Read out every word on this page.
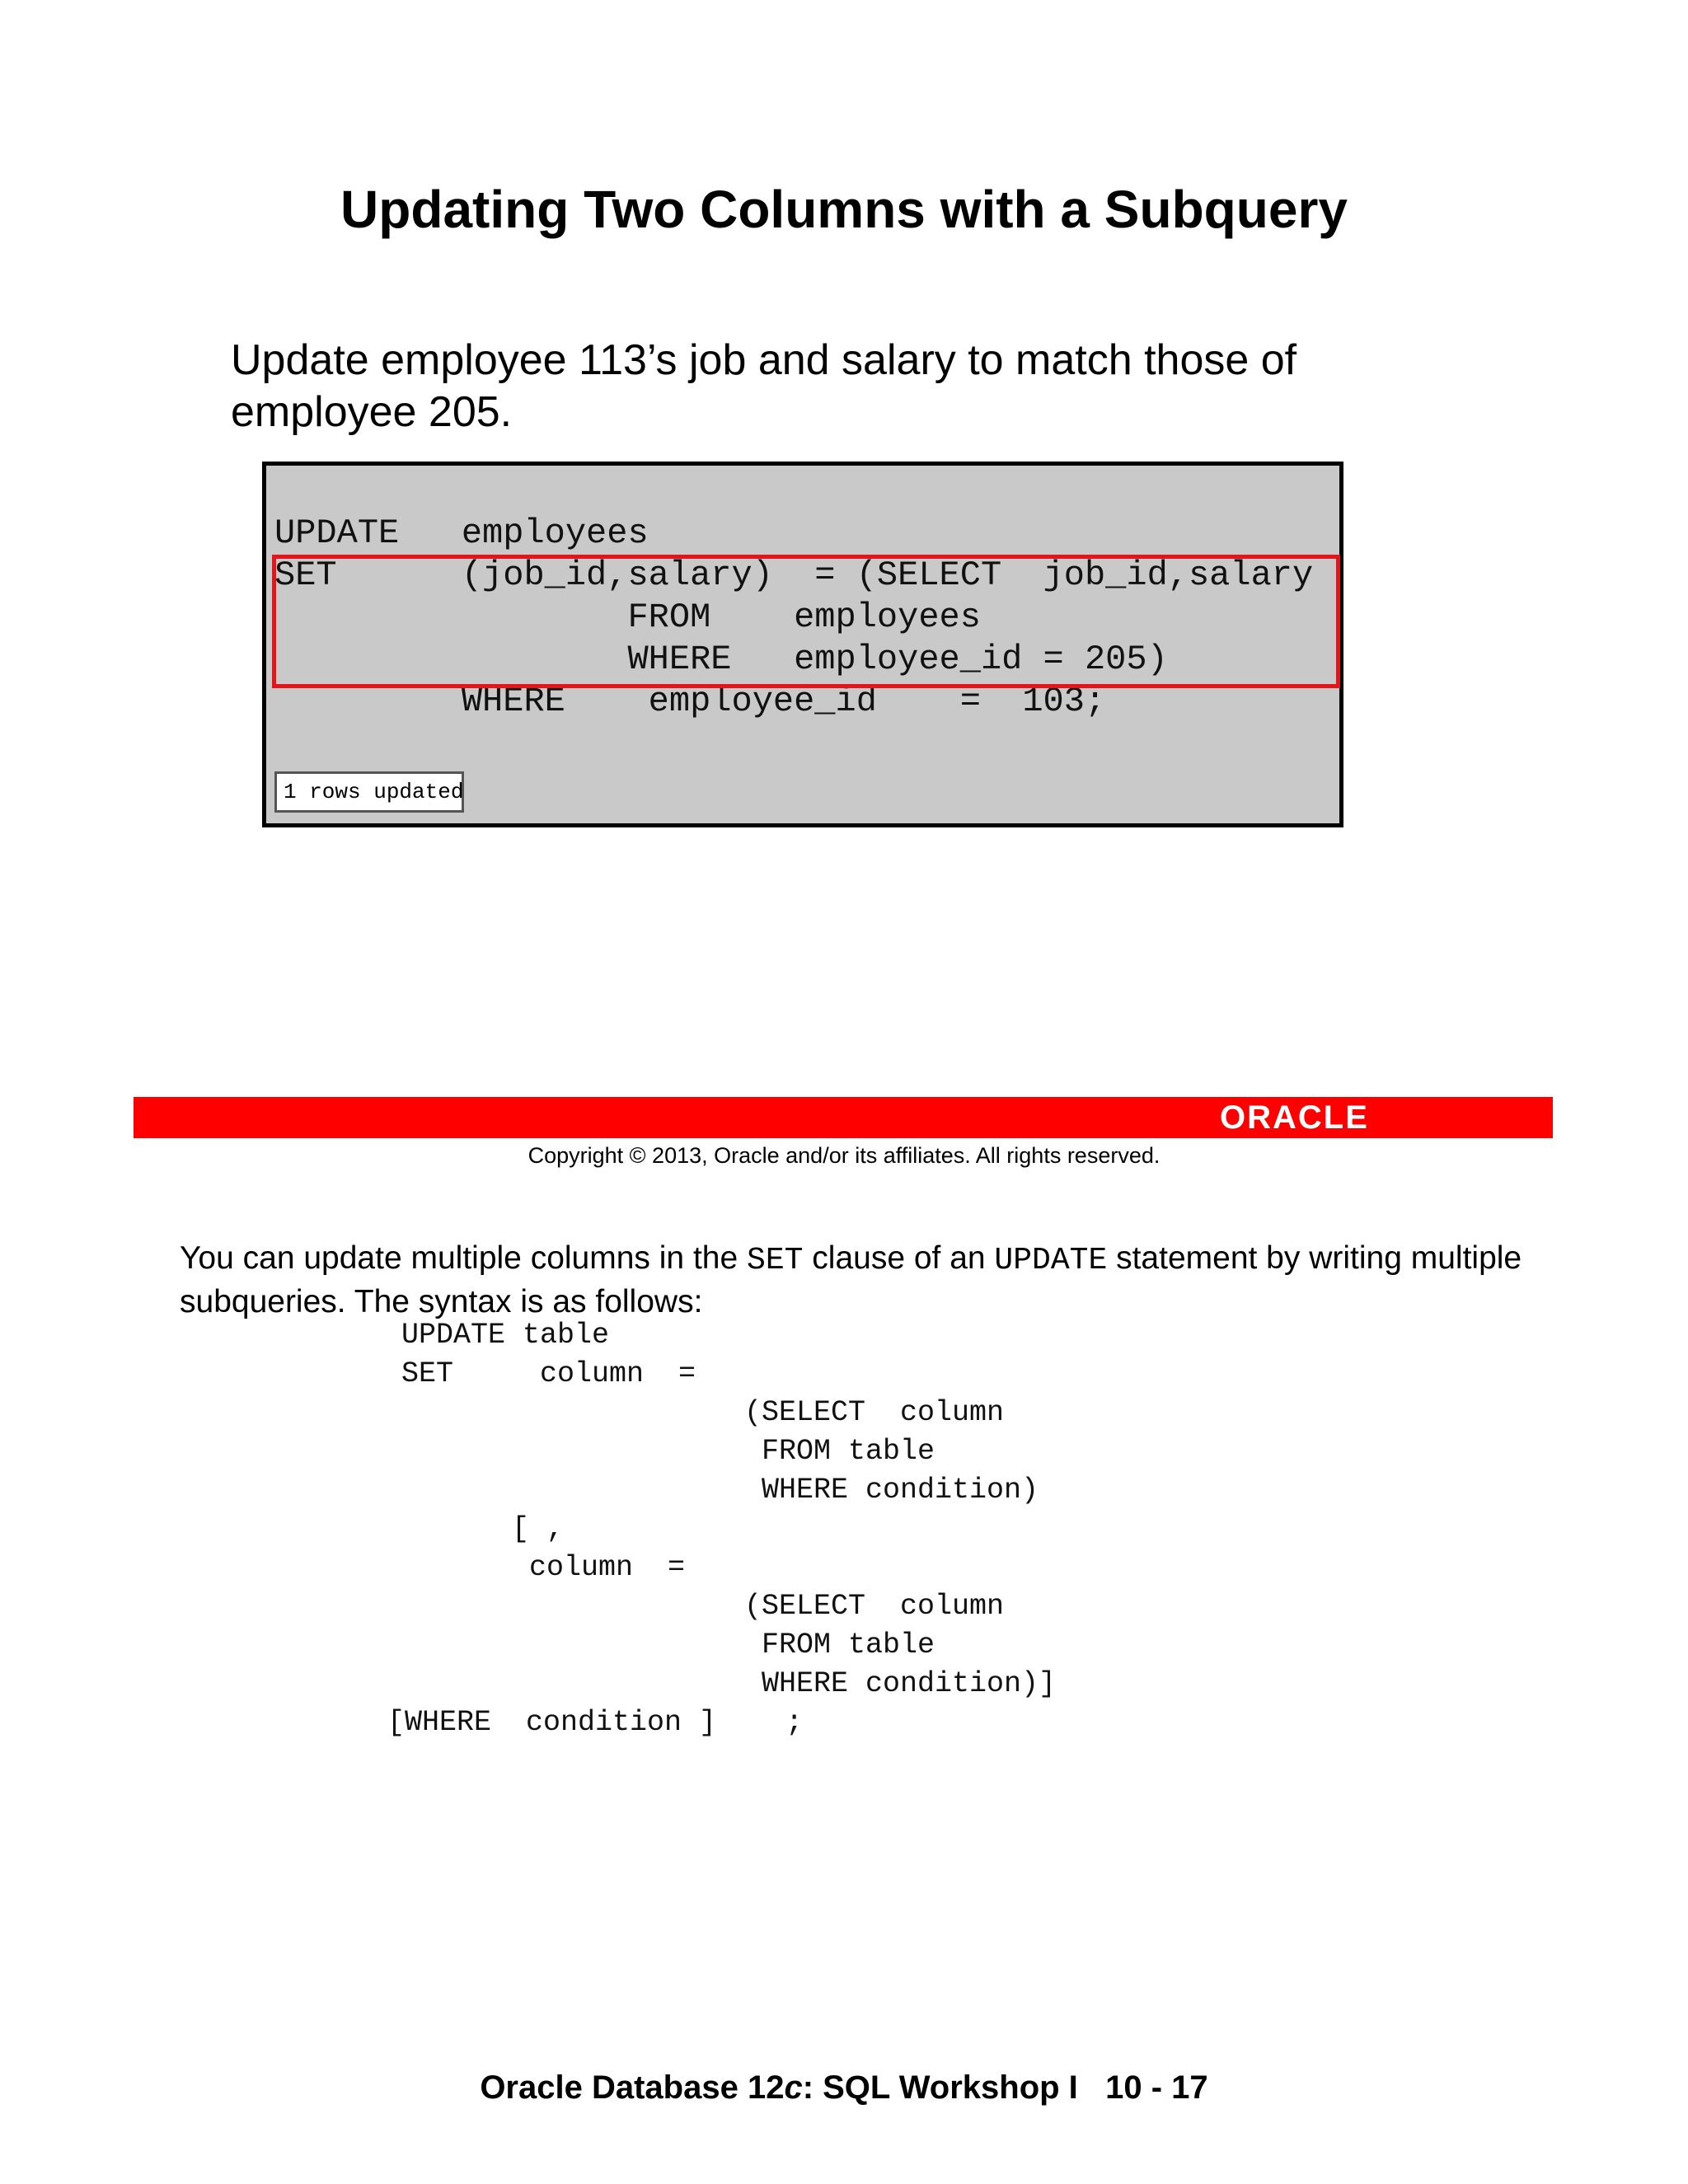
Updating Two Columns with a Subquery
Update employee 113’s job and salary to match those of employee 205.
UPDATE   employees
SET      (job_id,salary)  = (SELECT  job_id,salary
FROM    employees
WHERE   employee_id = 205)
WHERE    employee_id    =  103;
1 rows updated
ORACLE
Copyright © 2013, Oracle and/or its affiliates. All rights reserved.
You can update multiple columns in the SET clause of an UPDATE statement by writing multiple subqueries. The syntax is as follows:
UPDATE table
SET     column  =
(SELECT  column
FROM table
WHERE condition)
[ ,
column  =
(SELECT  column
FROM table
WHERE condition)]
[WHERE  condition ]    ;
Oracle Database 12c: SQL Workshop I   10 - 17
